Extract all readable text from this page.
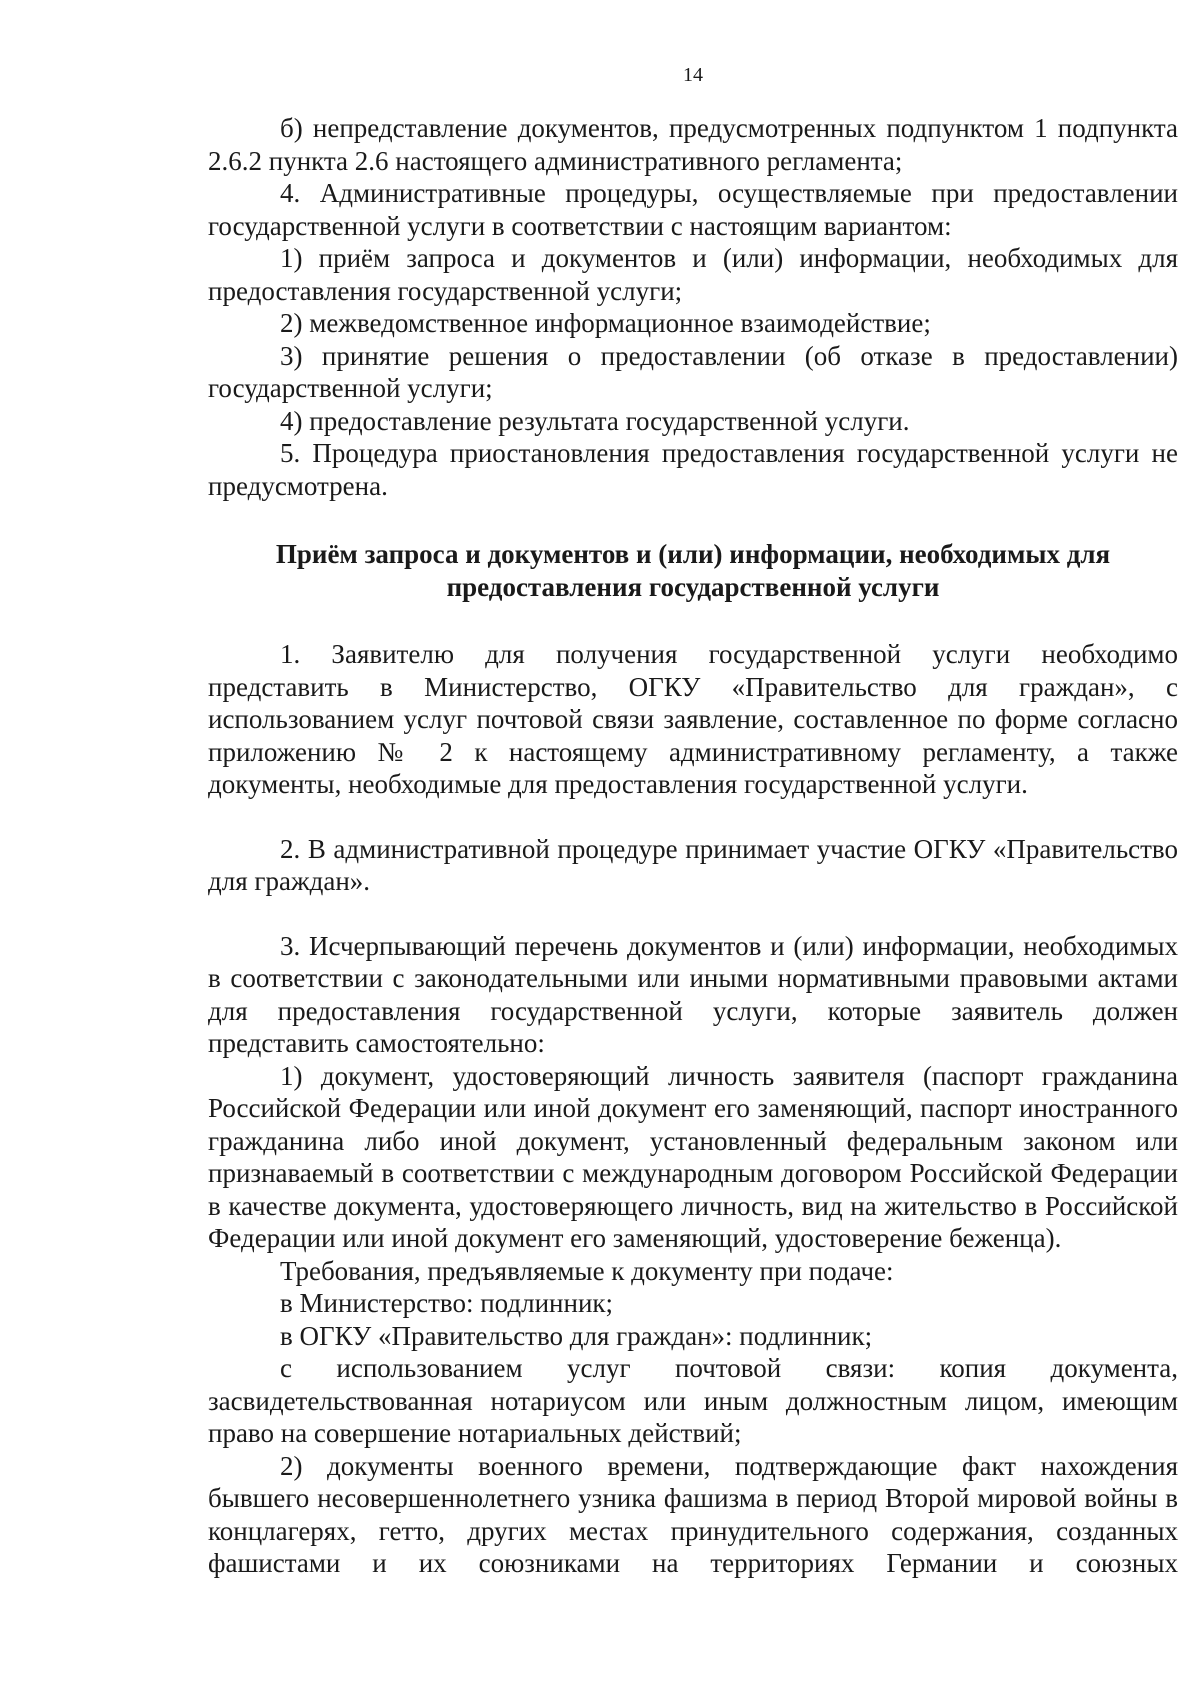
14

б) непредставление документов, предусмотренных подпунктом 1 подпункта 2.6.2 пункта 2.6 настоящего административного регламента;

4. Административные процедуры, осуществляемые при предоставлении государственной услуги в соответствии с настоящим вариантом:

1) приём запроса и документов и (или) информации, необходимых для предоставления государственной услуги;

2) межведомственное информационное взаимодействие;

3) принятие решения о предоставлении (об отказе в предоставлении) государственной услуги;

4) предоставление результата государственной услуги.

5. Процедура приостановления предоставления государственной услуги не предусмотрена.

Приём запроса и документов и (или) информации, необходимых для
предоставления государственной услуги

1. Заявителю для получения государственной услуги необходимо представить в Министерство, ОГКУ «Правительство для граждан», с использованием услуг почтовой связи заявление, составленное по форме согласно приложению № 2 к настоящему административному регламенту, а также документы, необходимые для предоставления государственной услуги.

2. В административной процедуре принимает участие ОГКУ «Правительство для граждан».

3. Исчерпывающий перечень документов и (или) информации, необходимых в соответствии с законодательными или иными нормативными правовыми актами для предоставления государственной услуги, которые заявитель должен представить самостоятельно:

1) документ, удостоверяющий личность заявителя (паспорт гражданина Российской Федерации или иной документ его заменяющий, паспорт иностранного гражданина либо иной документ, установленный федеральным законом или признаваемый в соответствии с международным договором Российской Федерации в качестве документа, удостоверяющего личность, вид на жительство в Российской Федерации или иной документ его заменяющий, удостоверение беженца).

Требования, предъявляемые к документу при подаче:

в Министерство: подлинник;

в ОГКУ «Правительство для граждан»: подлинник;

с использованием услуг почтовой связи: копия документа, засвидетельствованная нотариусом или иным должностным лицом, имеющим право на совершение нотариальных действий;

2) документы военного времени, подтверждающие факт нахождения бывшего несовершеннолетнего узника фашизма в период Второй мировой войны в концлагерях, гетто, других местах принудительного содержания, созданных фашистами и их союзниками на территориях Германии и союзных
